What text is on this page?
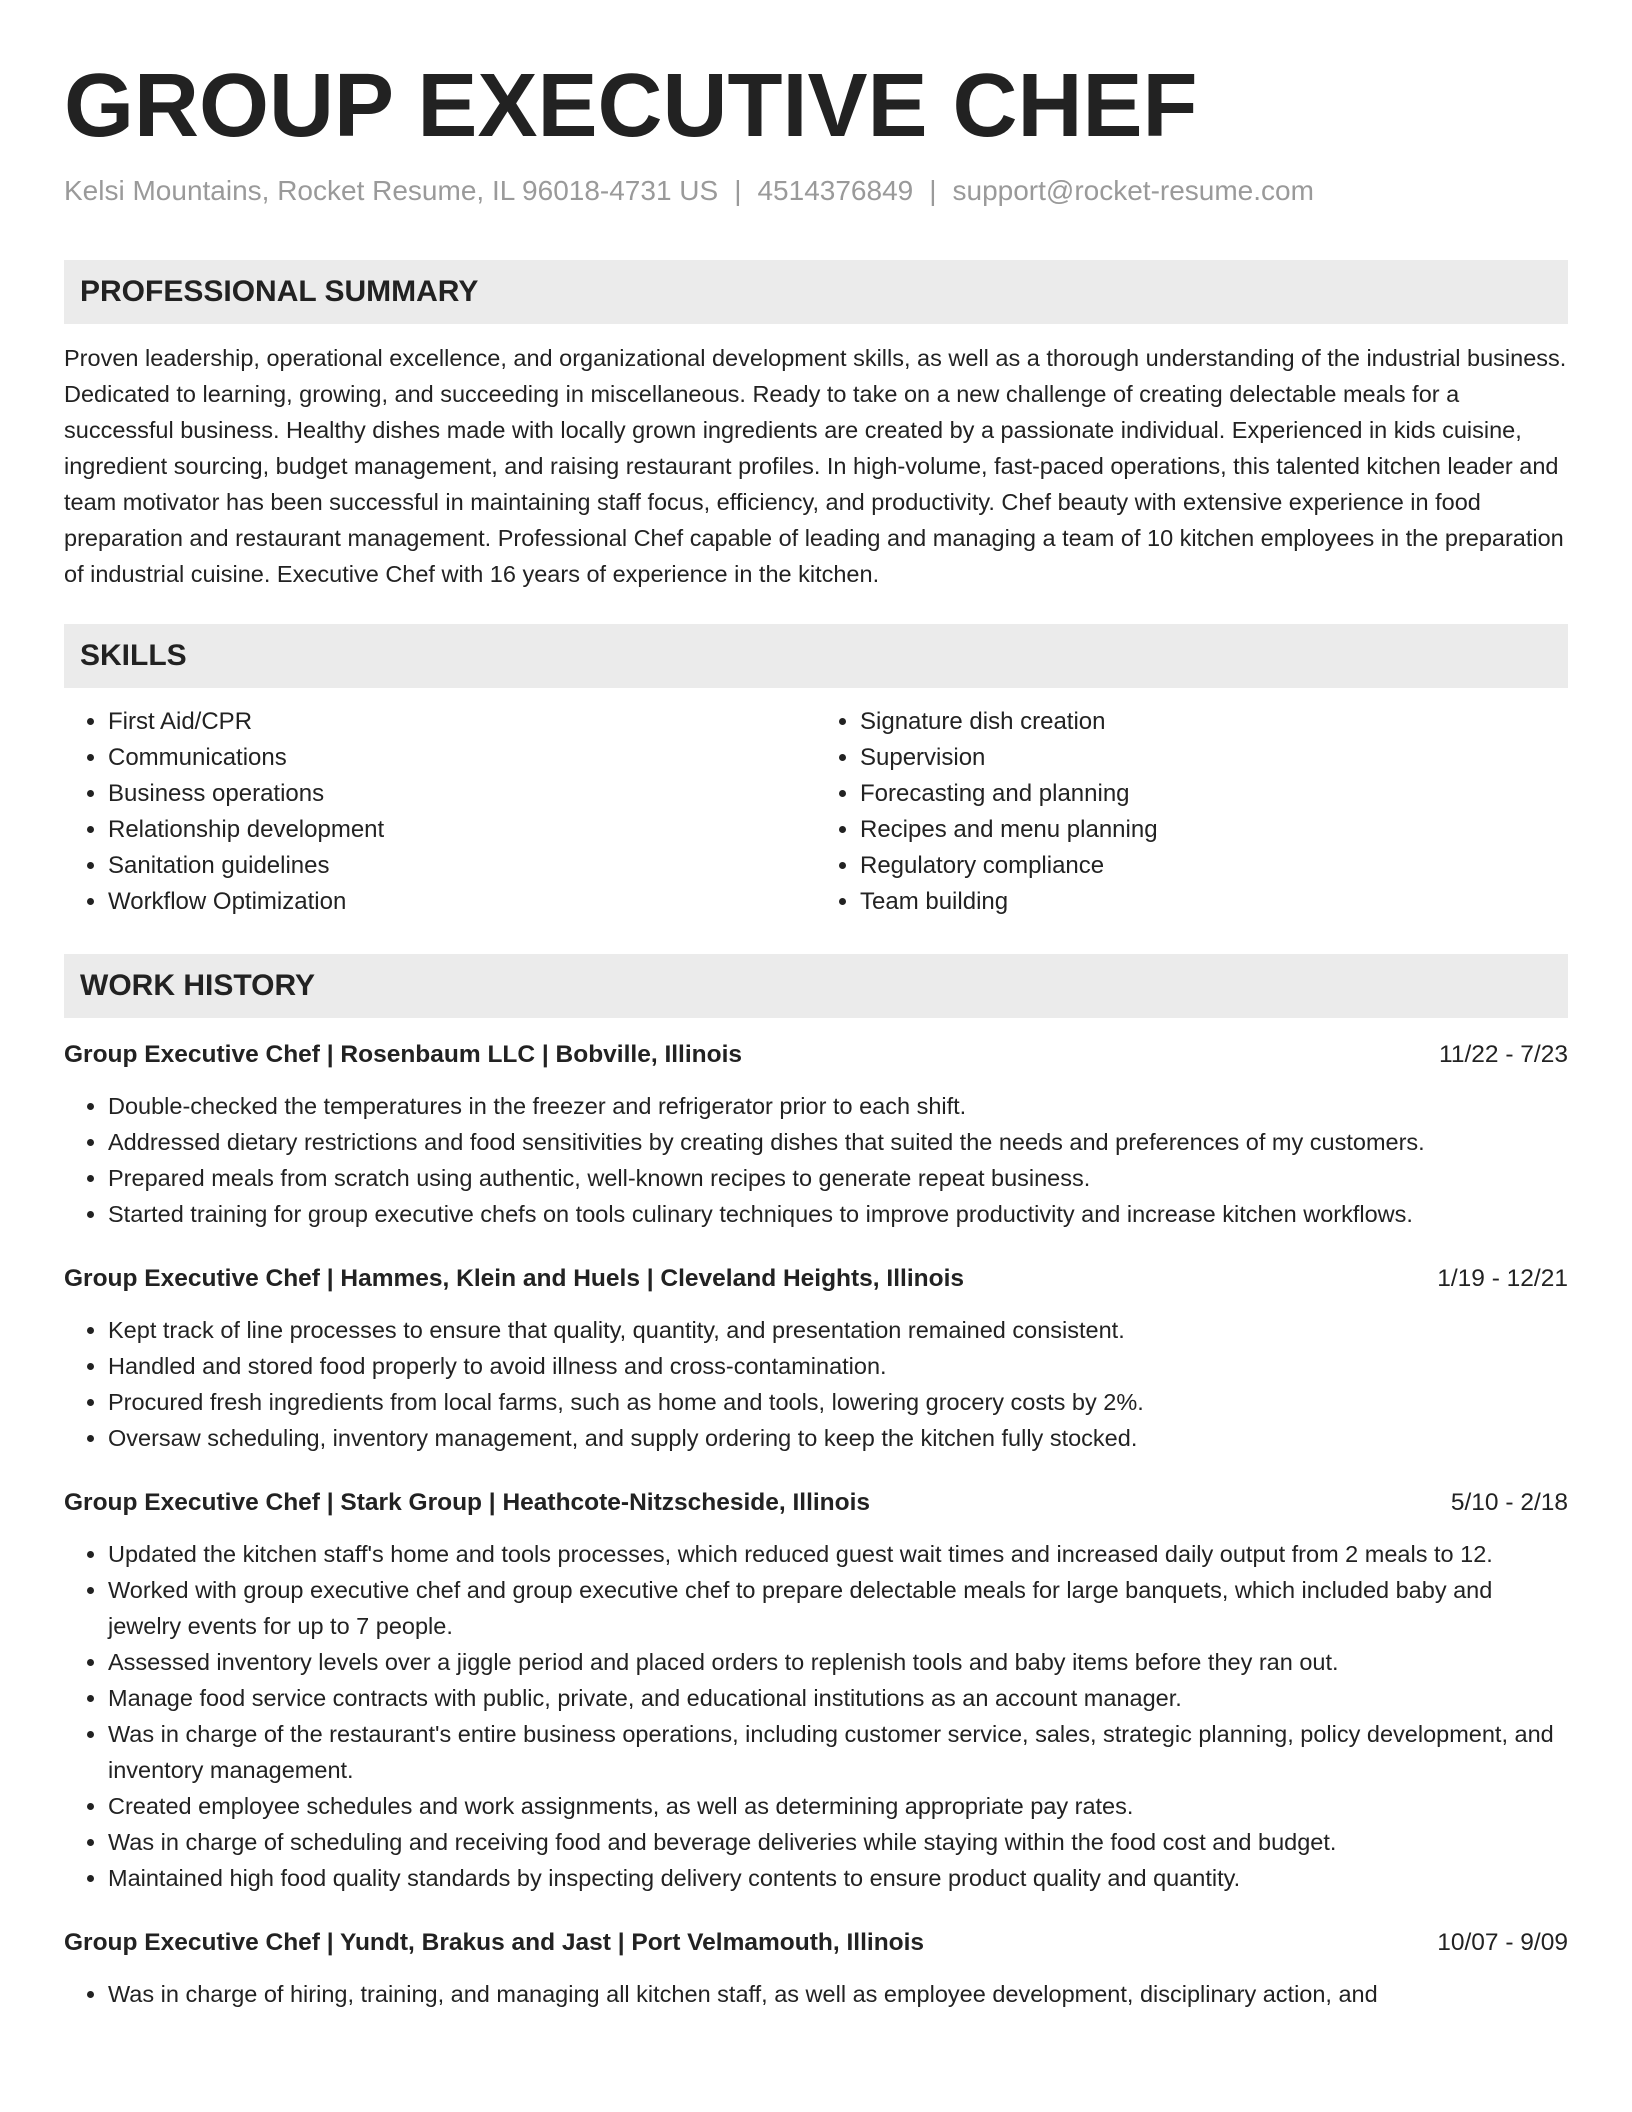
GROUP EXECUTIVE CHEF
Kelsi Mountains, Rocket Resume, IL 96018-4731 US | 4514376849 | support@rocket-resume.com
PROFESSIONAL SUMMARY

Proven leadership, operational excellence, and organizational development skills, as well as a thorough understanding of the industrial business. Dedicated to learning, growing, and succeeding in miscellaneous. Ready to take on a new challenge of creating delectable meals for a successful business. Healthy dishes made with locally grown ingredients are created by a passionate individual. Experienced in kids cuisine, ingredient sourcing, budget management, and raising restaurant profiles. In high-volume, fast-paced operations, this talented kitchen leader and team motivator has been successful in maintaining staff focus, efficiency, and productivity. Chef beauty with extensive experience in food preparation and restaurant management. Professional Chef capable of leading and managing a team of 10 kitchen employees in the preparation of industrial cuisine. Executive Chef with 16 years of experience in the kitchen.

SKILLS
• First Aid/CPR
• Communications
• Business operations
• Relationship development
• Sanitation guidelines
• Workflow Optimization
• Signature dish creation
• Supervision
• Forecasting and planning
• Recipes and menu planning
• Regulatory compliance
• Team building
WORK HISTORY
Group Executive Chef | Rosenbaum LLC | Bobville, Illinois	11/22 - 7/23
• Double-checked the temperatures in the freezer and refrigerator prior to each shift.
• Addressed dietary restrictions and food sensitivities by creating dishes that suited the needs and preferences of my customers.
• Prepared meals from scratch using authentic, well-known recipes to generate repeat business.
• Started training for group executive chefs on tools culinary techniques to improve productivity and increase kitchen workflows.
Group Executive Chef | Hammes, Klein and Huels | Cleveland Heights, Illinois	1/19 - 12/21
• Kept track of line processes to ensure that quality, quantity, and presentation remained consistent.
• Handled and stored food properly to avoid illness and cross-contamination.
• Procured fresh ingredients from local farms, such as home and tools, lowering grocery costs by 2%.
• Oversaw scheduling, inventory management, and supply ordering to keep the kitchen fully stocked.
Group Executive Chef | Stark Group | Heathcote-Nitzscheside, Illinois	5/10 - 2/18
• Updated the kitchen staff's home and tools processes, which reduced guest wait times and increased daily output from 2 meals to 12.
• Worked with group executive chef and group executive chef to prepare delectable meals for large banquets, which included baby and jewelry events for up to 7 people.
• Assessed inventory levels over a jiggle period and placed orders to replenish tools and baby items before they ran out.
• Manage food service contracts with public, private, and educational institutions as an account manager.
• Was in charge of the restaurant's entire business operations, including customer service, sales, strategic planning, policy development, and inventory management.
• Created employee schedules and work assignments, as well as determining appropriate pay rates.
• Was in charge of scheduling and receiving food and beverage deliveries while staying within the food cost and budget.
• Maintained high food quality standards by inspecting delivery contents to ensure product quality and quantity.
Group Executive Chef | Yundt, Brakus and Jast | Port Velmamouth, Illinois	10/07 - 9/09
• Was in charge of hiring, training, and managing all kitchen staff, as well as employee development, disciplinary action, and
